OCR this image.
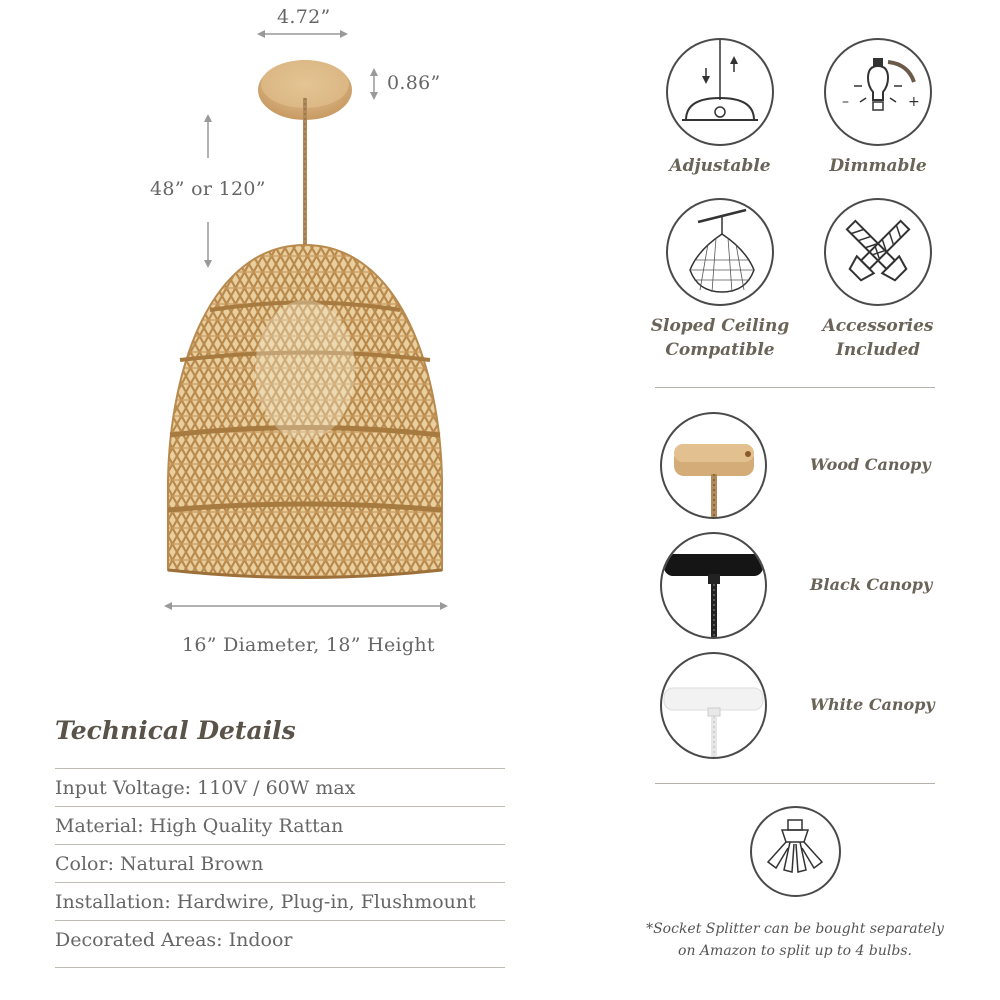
4.72”
0.86”
48” or 120”
16” Diameter, 18” Height
Technical Details
Input Voltage: 110V / 60W max
Material: High Quality Rattan
Color: Natural Brown
Installation: Hardwire, Plug-in, Flushmount
Decorated Areas: Indoor
Adjustable
–	+
Dimmable
Sloped Ceiling
Compatible
Accessories
Included
Wood Canopy
Black Canopy
White Canopy
*Socket Splitter can be bought separately
on Amazon to split up to 4 bulbs.
